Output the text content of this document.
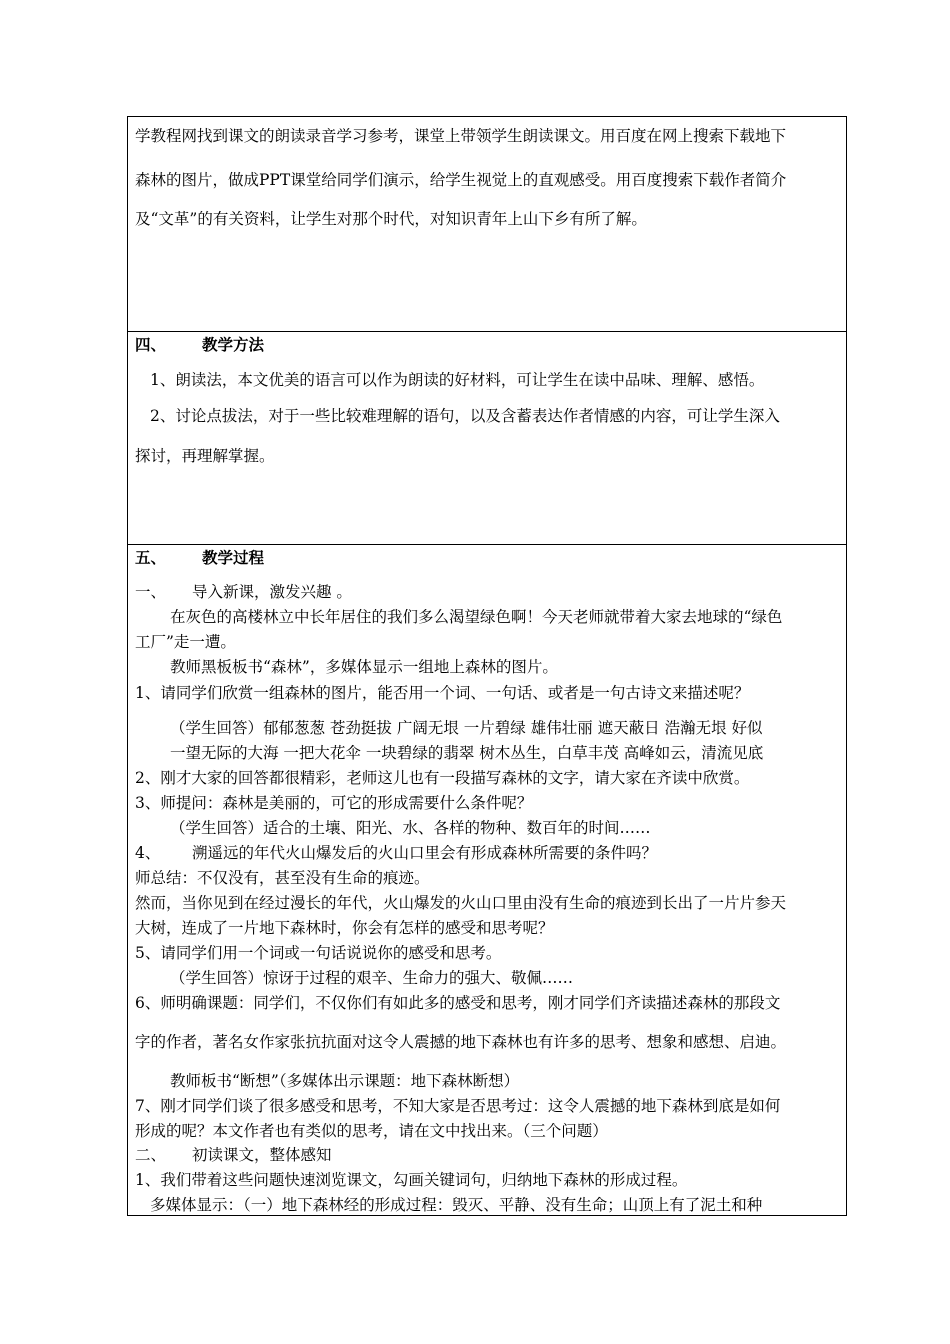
学教程网找到课文的朗读录音学习参考，课堂上带领学生朗读课文。用百度在网上搜索下载地下
森林的图片，做成PPT课堂给同学们演示，给学生视觉上的直观感受。用百度搜索下载作者简介
及“文革”的有关资料，让学生对那个时代，对知识青年上山下乡有所了解。
四、 教学方法
1、朗读法，本文优美的语言可以作为朗读的好材料，可让学生在读中品味、理解、感悟。
2、讨论点拔法，对于一些比较难理解的语句，以及含蓄表达作者情感的内容，可让学生深入
探讨，再理解掌握。
五、 教学过程
一、 导入新课，激发兴趣 。
在灰色的高楼林立中长年居住的我们多么渴望绿色啊！今天老师就带着大家去地球的“绿色
工厂”走一遭。
教师黑板板书“森林”，多媒体显示一组地上森林的图片。
1、请同学们欣赏一组森林的图片，能否用一个词、一句话、或者是一句古诗文来描述呢？
（学生回答）郁郁葱葱 苍劲挺拔 广阔无垠 一片碧绿 雄伟壮丽 遮天蔽日 浩瀚无垠 好似
一望无际的大海 一把大花伞 一块碧绿的翡翠 树木丛生，白草丰茂 高峰如云，清流见底
2、刚才大家的回答都很精彩，老师这儿也有一段描写森林的文字，请大家在齐读中欣赏。
3、师提问：森林是美丽的，可它的形成需要什么条件呢？
（学生回答）适合的土壤、阳光、水、各样的物种、数百年的时间……
4、 溯遥远的年代火山爆发后的火山口里会有形成森林所需要的条件吗？
师总结：不仅没有，甚至没有生命的痕迹。
然而，当你见到在经过漫长的年代，火山爆发的火山口里由没有生命的痕迹到长出了一片片参天
大树，连成了一片地下森林时，你会有怎样的感受和思考呢？
5、请同学们用一个词或一句话说说你的感受和思考。
（学生回答）惊讶于过程的艰辛、生命力的强大、敬佩……
6、师明确课题：同学们，不仅你们有如此多的感受和思考，刚才同学们齐读描述森林的那段文
字的作者，著名女作家张抗抗面对这令人震撼的地下森林也有许多的思考、想象和感想、启迪。
教师板书“断想”（多媒体出示课题：地下森林断想）
7、刚才同学们谈了很多感受和思考，不知大家是否思考过：这令人震撼的地下森林到底是如何
形成的呢？本文作者也有类似的思考，请在文中找出来。（三个问题）
二、 初读课文，整体感知
1、我们带着这些问题快速浏览课文，勾画关键词句，归纳地下森林的形成过程。
多媒体显示：（一）地下森林经的形成过程：毁灭、平静、没有生命；山顶上有了泥土和种
